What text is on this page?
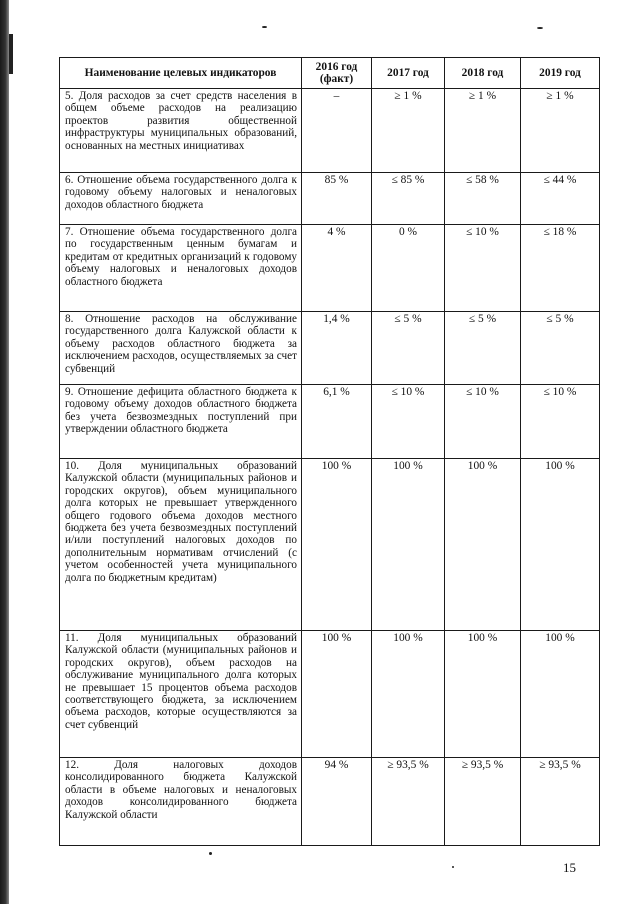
Наименование целевых индикаторов	2016 год (факт)	2017 год	2018 год	2019 год
5. Доля расходов за счет средств населения в общем объеме расходов на реализацию проектов развития общественной инфраструктуры муниципальных образований, основанных на местных инициативах	–	≥ 1 %	≥ 1 %	≥ 1 %
6. Отношение объема государственного долга к годовому объему налоговых и неналоговых доходов областного бюджета	85 %	≤ 85 %	≤ 58 %	≤ 44 %
7. Отношение объема государственного долга по государственным ценным бумагам и кредитам от кредитных организаций к годовому объему налоговых и неналоговых доходов областного бюджета	4 %	0 %	≤ 10 %	≤ 18 %
8. Отношение расходов на обслуживание государственного долга Калужской области к объему расходов областного бюджета за исключением расходов, осуществляемых за счет субвенций	1,4 %	≤ 5 %	≤ 5 %	≤ 5 %
9. Отношение дефицита областного бюджета к годовому объему доходов областного бюджета без учета безвозмездных поступлений при утверждении областного бюджета	6,1 %	≤ 10 %	≤ 10 %	≤ 10 %
10. Доля муниципальных образований Калужской области (муниципальных районов и городских округов), объем муниципального долга которых не превышает утвержденного общего годового объема доходов местного бюджета без учета безвозмездных поступлений и/или поступлений налоговых доходов по дополнительным нормативам отчислений (с учетом особенностей учета муниципального долга по бюджетным кредитам)	100 %	100 %	100 %	100 %
11. Доля муниципальных образований Калужской области (муниципальных районов и городских округов), объем расходов на обслуживание муниципального долга которых не превышает 15 процентов объема расходов соответствующего бюджета, за исключением объема расходов, которые осуществляются за счет субвенций	100 %	100 %	100 %	100 %
12. Доля налоговых доходов консолидированного бюджета Калужской области в объеме налоговых и неналоговых доходов консолидированного бюджета Калужской области	94 %	≥ 93,5 %	≥ 93,5 %	≥ 93,5 %
15
